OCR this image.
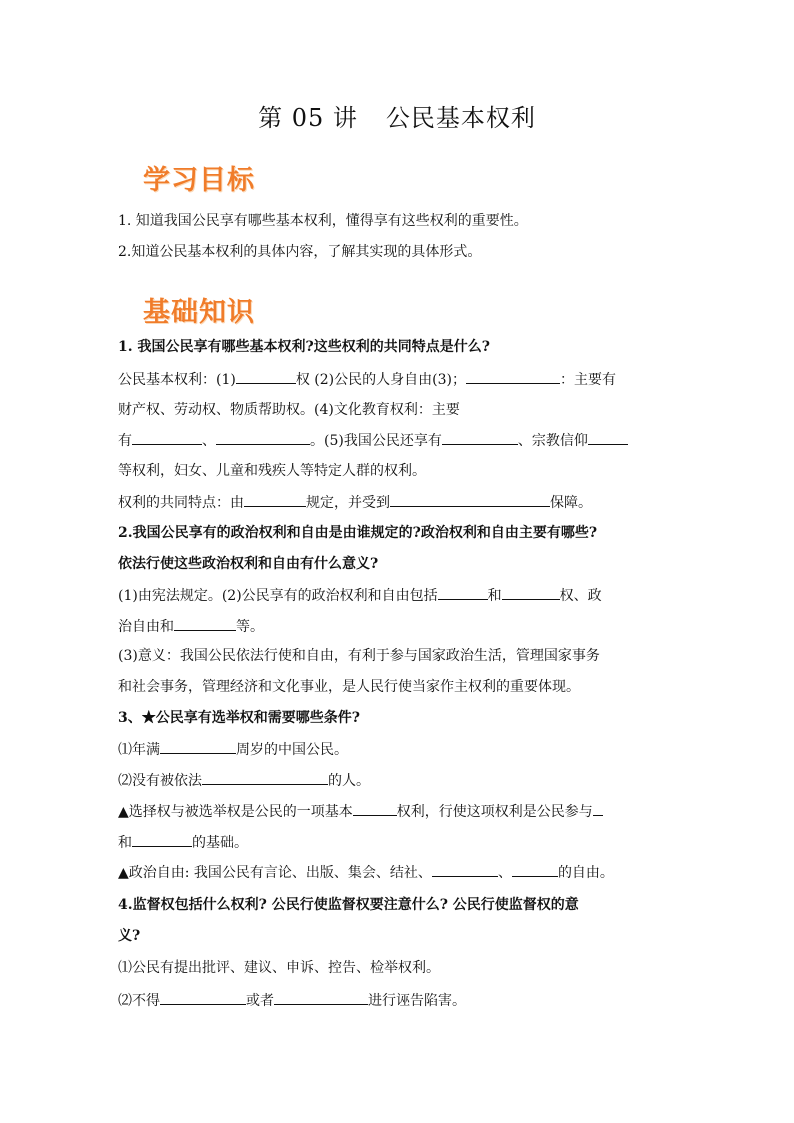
第 05 讲 公民基本权利
学习目标
1. 知道我国公民享有哪些基本权利，懂得享有这些权利的重要性。
2.知道公民基本权利的具体内容，了解其实现的具体形式。
基础知识
1. 我国公民享有哪些基本权利?这些权利的共同特点是什么?
公民基本权利：(1)	权 (2)公民的人身自由(3)；	：主要有
财产权、劳动权、物质帮助权。(4)文化教育权利：主要
有	、	。(5)我国公民还享有	、宗教信仰
等权利，妇女、儿童和残疾人等特定人群的权利。
权利的共同特点：由	规定，并受到	保障。
2.我国公民享有的政治权利和自由是由谁规定的?政治权利和自由主要有哪些?
依法行使这些政治权利和自由有什么意义?
(1)由宪法规定。(2)公民享有的政治权利和自由包括	和	权、政
治自由和	等。
(3)意义：我国公民依法行使和自由，有利于参与国家政治生活，管理国家事务
和社会事务，管理经济和文化事业，是人民行使当家作主权利的重要体现。
3、★公民享有选举权和需要哪些条件?
⑴年满	周岁的中国公民。
⑵没有被依法	的人。
▲选择权与被选举权是公民的一项基本	权利，行使这项权利是公民参与
和	的基础。
▲政治自由: 我国公民有言论、出版、集会、结社、	、	的自由。
4.监督权包括什么权利? 公民行使监督权要注意什么? 公民行使监督权的意
义?
⑴公民有提出批评、建议、申诉、控告、检举权利。
⑵不得	或者	进行诬告陷害。
